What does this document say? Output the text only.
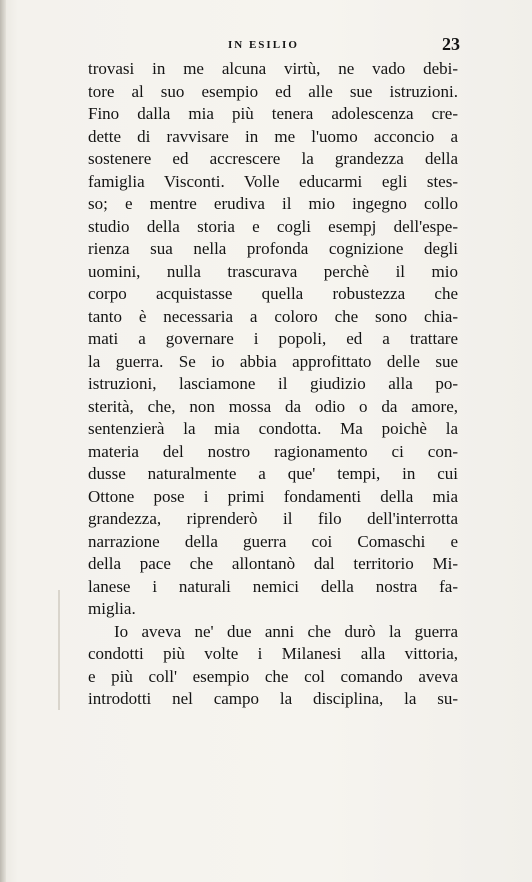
IN ESILIO	23
trovasi in me alcuna virtù, ne vado debi-
tore al suo esempio ed alle sue istruzioni.
Fino dalla mia più tenera adolescenza cre-
dette di ravvisare in me l'uomo acconcio a
sostenere ed accrescere la grandezza della
famiglia Visconti. Volle educarmi egli stes-
so; e mentre erudiva il mio ingegno collo
studio della storia e cogli esempj dell'espe-
rienza sua nella profonda cognizione degli
uomini, nulla trascurava perchè il mio
corpo acquistasse quella robustezza che
tanto è necessaria a coloro che sono chia-
mati a governare i popoli, ed a trattare
la guerra. Se io abbia approfittato delle sue
istruzioni, lasciamone il giudizio alla po-
sterità, che, non mossa da odio o da amore,
sentenzierà la mia condotta. Ma poichè la
materia del nostro ragionamento ci con-
dusse naturalmente a que' tempi, in cui
Ottone pose i primi fondamenti della mia
grandezza, riprenderò il filo dell'interrotta
narrazione della guerra coi Comaschi e
della pace che allontanò dal territorio Mi-
lanese i naturali nemici della nostra fa-
miglia.
Io aveva ne' due anni che durò la guerra
condotti più volte i Milanesi alla vittoria,
e più coll' esempio che col comando aveva
introdotti nel campo la disciplina, la su-
